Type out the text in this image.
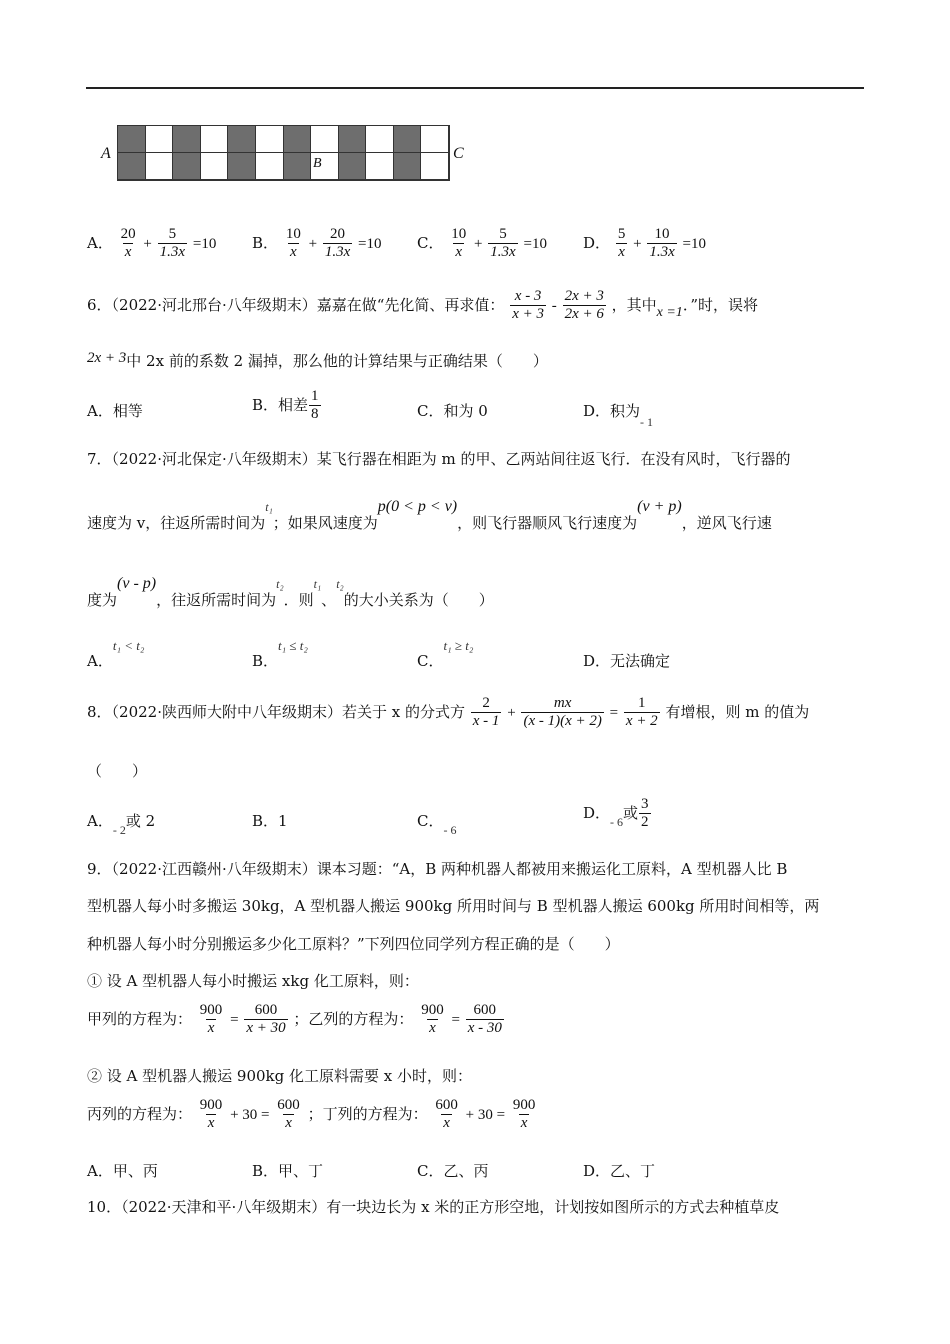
A
B
C
A． $\frac{20}{x} + \frac{5}{1.3x} =10$ B． $\frac{10}{x} + \frac{20}{1.3x} =10$ C． $\frac{10}{x} + \frac{5}{1.3x} =10$ D． $\frac{5}{x} + \frac{10}{1.3x} =10$
6．（2022·河北邢台·八年级期末）嘉嘉在做“先化简、再求值： $\frac{x - 3}{x + 3} - \frac{2x + 3}{2x + 6}$ ，其中x =1．”时，误将
2x + 3中 2x 前的系数 2 漏掉，那么他的计算结果与正确结果（　　）
A．相等	B．相差 $\frac{1}{8}$	C．和为 0	D．积为$_{- 1}$
7．（2022·河北保定·八年级期末）某飞行器在相距为 m 的甲、乙两站间往返飞行．在没有风时，飞行器的
速度为 v，往返所需时间为t₁；如果风速度为p(0 < p < v)，则飞行器顺风飞行速度为(v + p)，逆风飞行速
度为(v - p)，往返所需时间为t₂．则t₁、t₂的大小关系为（　　）
A．t₁ < t₂
B．t₁ ≤ t₂
C．t₁ ≥ t₂
D．无法确定
8．（2022·陕西师大附中八年级期末）若关于 x 的分式方 $\frac{2}{x - 1} + \frac{mx}{(x - 1)(x + 2)} = \frac{1}{x + 2}$ 有增根，则 m 的值为
（　　）
A．$_{- 2}$或 2	B．1	C．$_{- 6}$
D．$_{- 6}$或 $\frac{3}{2}$
9．（2022·江西赣州·八年级期末）课本习题：“A，B 两种机器人都被用来搬运化工原料，A 型机器人比 B
型机器人每小时多搬运 30kg，A 型机器人搬运 900kg 所用时间与 B 型机器人搬运 600kg 所用时间相等，两
种机器人每小时分别搬运多少化工原料？”下列四位同学列方程正确的是（　　）
① 设 A 型机器人每小时搬运 xkg 化工原料，则：
甲列的方程为： $\frac{900}{x} = \frac{600}{x + 30}$ ；乙列的方程为： $\frac{900}{x} = \frac{600}{x - 30}$
② 设 A 型机器人搬运 900kg 化工原料需要 x 小时，则：
丙列的方程为： $\frac{900}{x} + 30 = \frac{600}{x}$ ；丁列的方程为： $\frac{600}{x} + 30 = \frac{900}{x}$
A．甲、丙	B．甲、丁	C．乙、丙	D．乙、丁
10．（2022·天津和平·八年级期末）有一块边长为 x 米的正方形空地，计划按如图所示的方式去种植草皮
